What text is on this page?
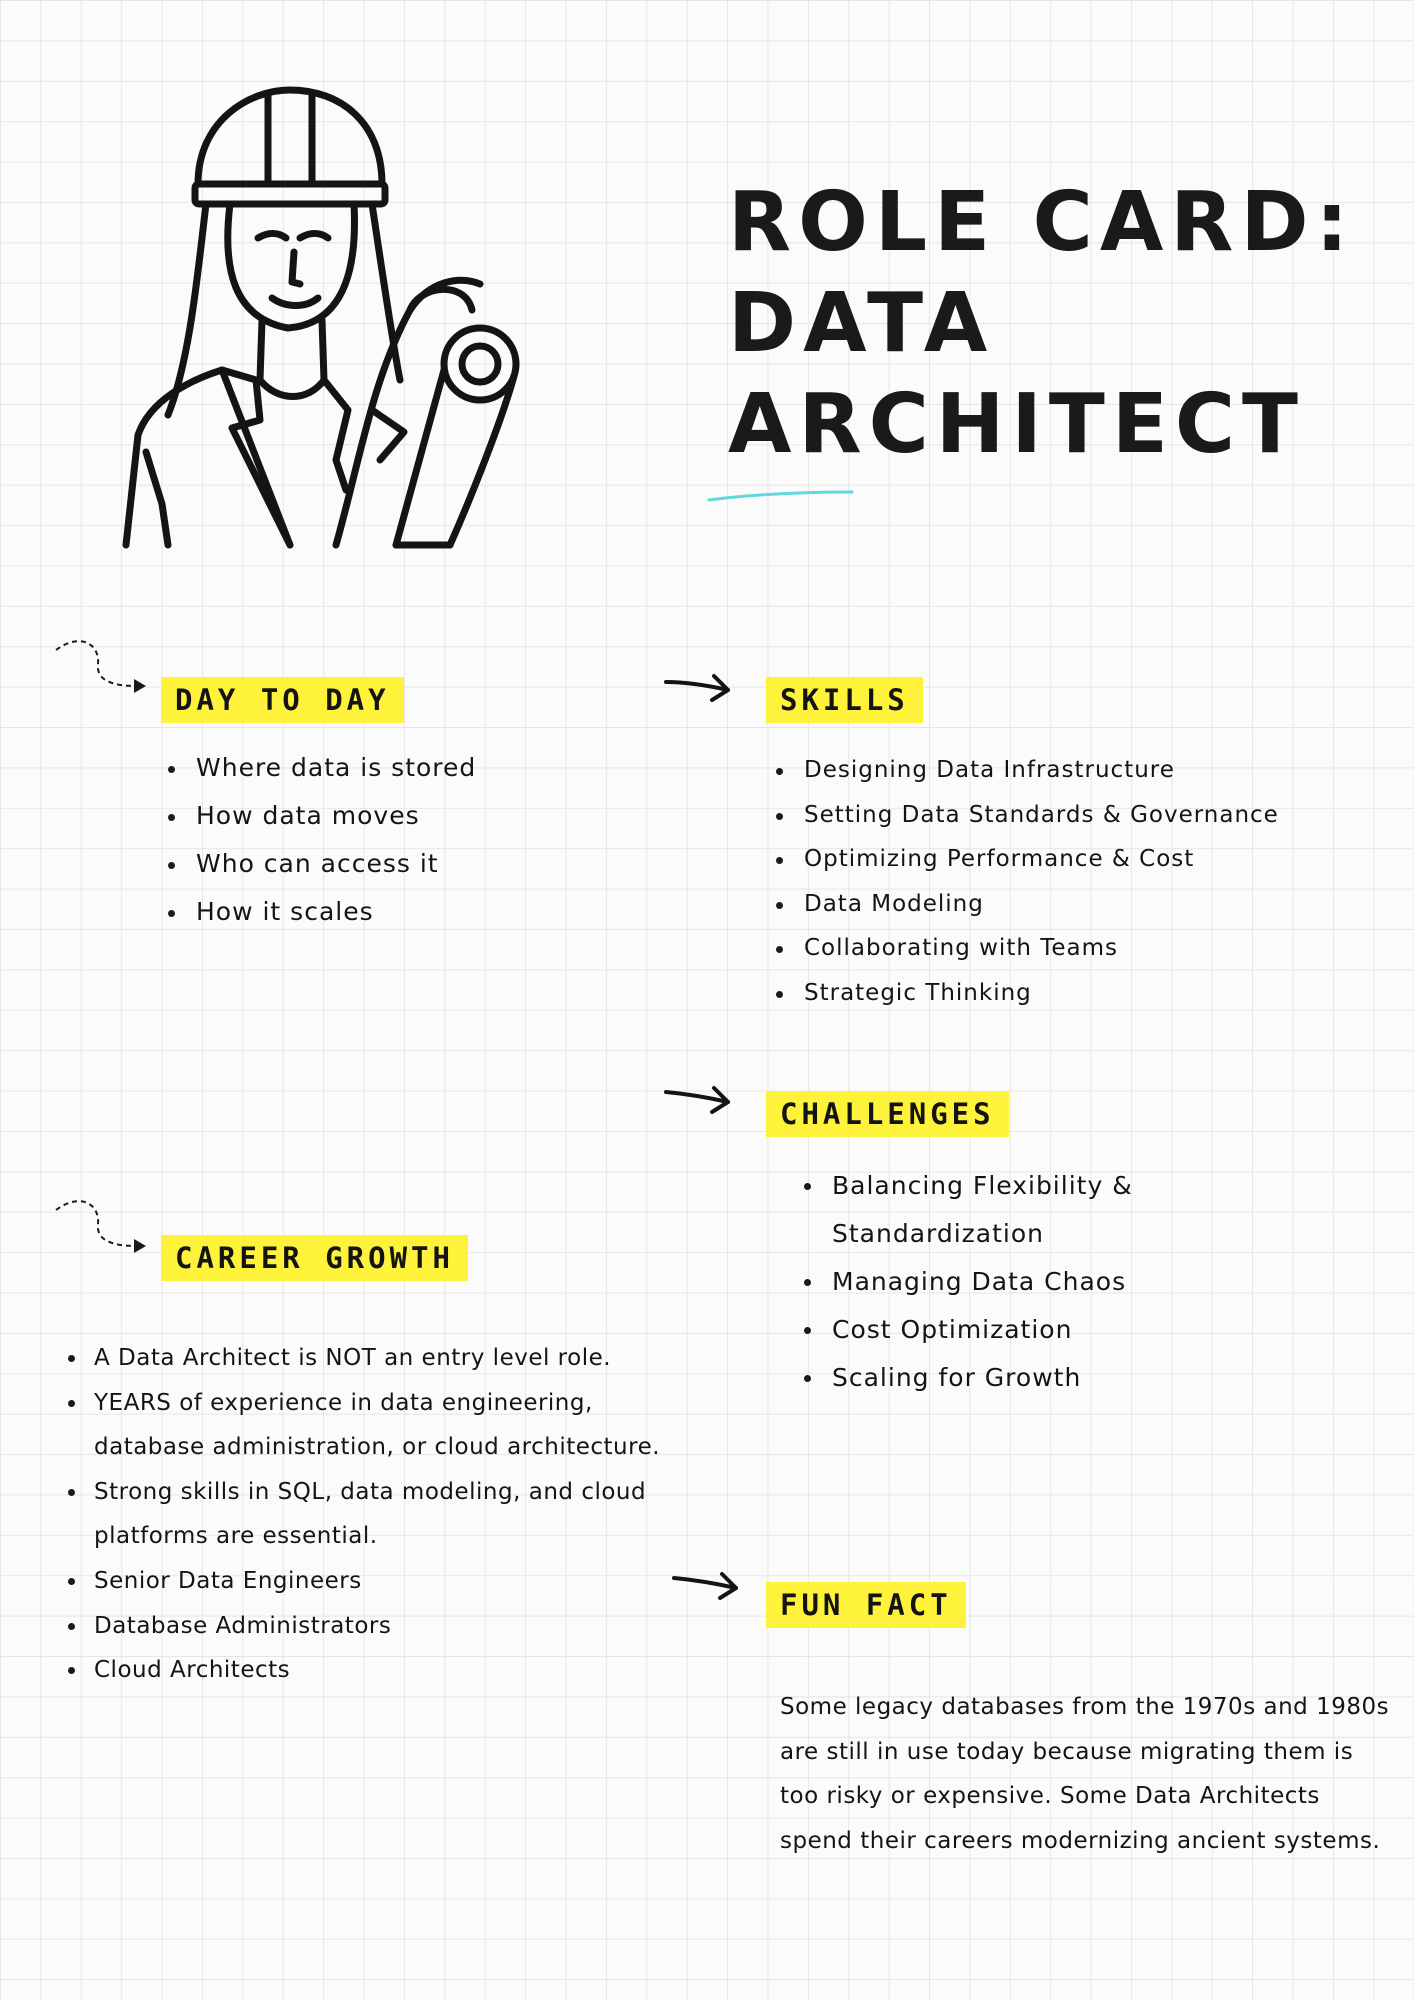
ROLE CARD:
DATA
ARCHITECT
DAY TO DAY
Where data is stored
How data moves
Who can access it
How it scales
SKILLS
Designing Data Infrastructure
Setting Data Standards & Governance
Optimizing Performance & Cost
Data Modeling
Collaborating with Teams
Strategic Thinking
CHALLENGES
Balancing Flexibility & Standardization
Managing Data Chaos
Cost Optimization
Scaling for Growth
CAREER GROWTH
A Data Architect is NOT an entry level role.
YEARS of experience in data engineering, database administration, or cloud architecture.
Strong skills in SQL, data modeling, and cloud platforms are essential.
Senior Data Engineers
Database Administrators
Cloud Architects
FUN FACT

Some legacy databases from the 1970s and 1980s are still in use today because migrating them is too risky or expensive. Some Data Architects spend their careers modernizing ancient systems.
